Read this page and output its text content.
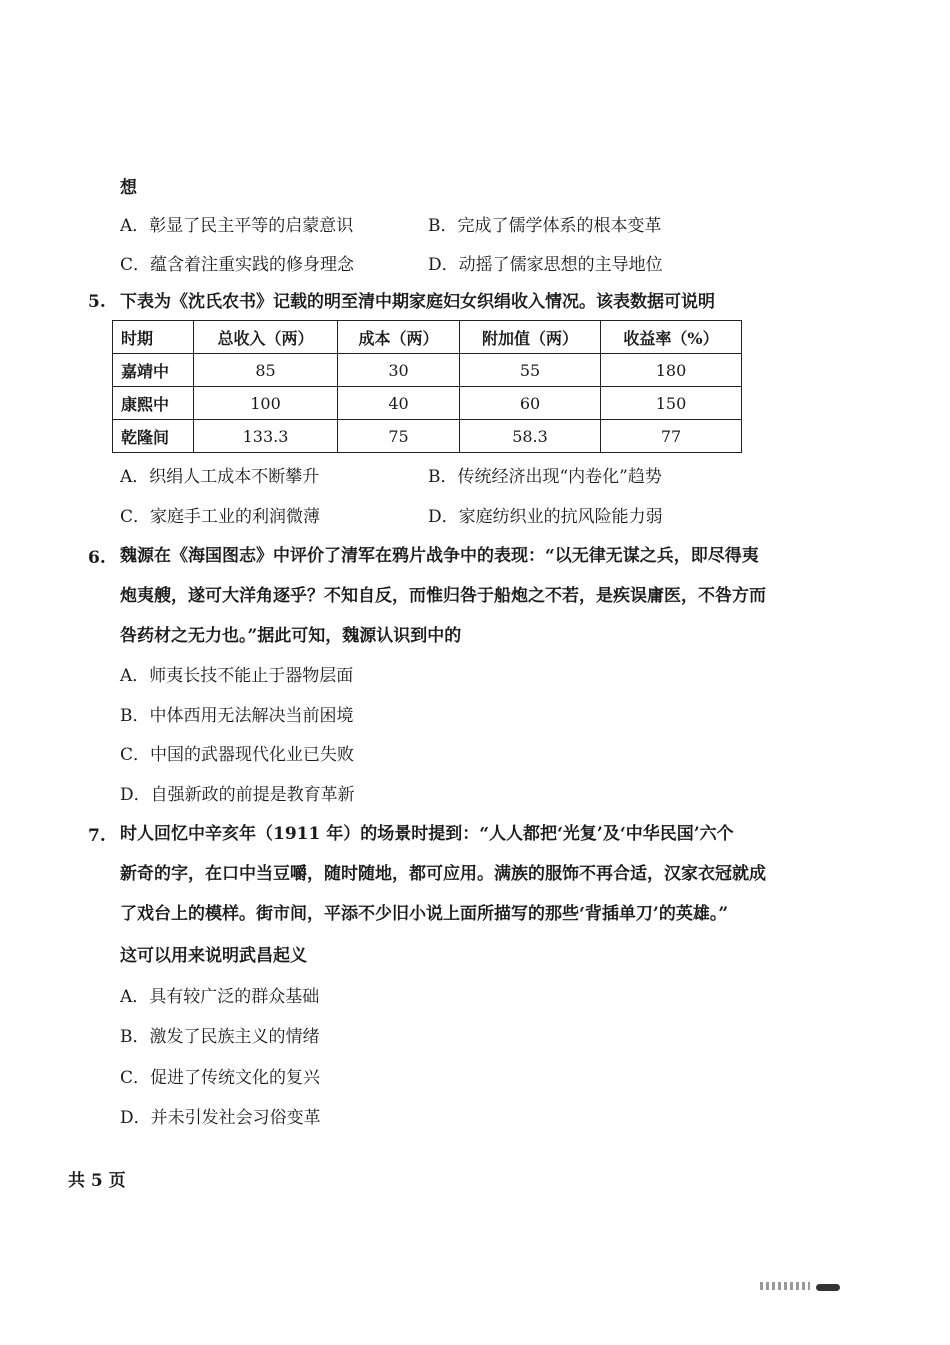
想
A．彰显了民主平等的启蒙意识	B．完成了儒学体系的根本变革
C．蕴含着注重实践的修身理念	D．动摇了儒家思想的主导地位
5. 下表为《沈氏农书》记载的明至清中期家庭妇女织绢收入情况。该表数据可说明
时期	总收入（两）	成本（两）	附加值（两）	收益率（%）
嘉靖中	85	30	55	180
康熙中	100	40	60	150
乾隆间	133.3	75	58.3	77
A．织绢人工成本不断攀升	B．传统经济出现“内卷化”趋势
C．家庭手工业的利润微薄	D．家庭纺织业的抗风险能力弱
6. 魏源在《海国图志》中评价了清军在鸦片战争中的表现：“以无律无谋之兵，即尽得夷
炮夷艘，遂可大洋角逐乎？不知自反，而惟归咎于船炮之不若，是疾误庸医，不咎方而
咎药材之无力也。”据此可知，魏源认识到中的
A．师夷长技不能止于器物层面
B．中体西用无法解决当前困境
C．中国的武器现代化业已失败
D．自强新政的前提是教育革新
7. 时人回忆中辛亥年（1911 年）的场景时提到：“人人都把‘光复’及‘中华民国’六个
新奇的字，在口中当豆嚼，随时随地，都可应用。满族的服饰不再合适，汉家衣冠就成
了戏台上的模样。街市间，平添不少旧小说上面所描写的那些‘背插单刀’的英雄。”
这可以用来说明武昌起义
A．具有较广泛的群众基础
B．激发了民族主义的情绪
C．促进了传统文化的复兴
D．并未引发社会习俗变革
共 5 页
